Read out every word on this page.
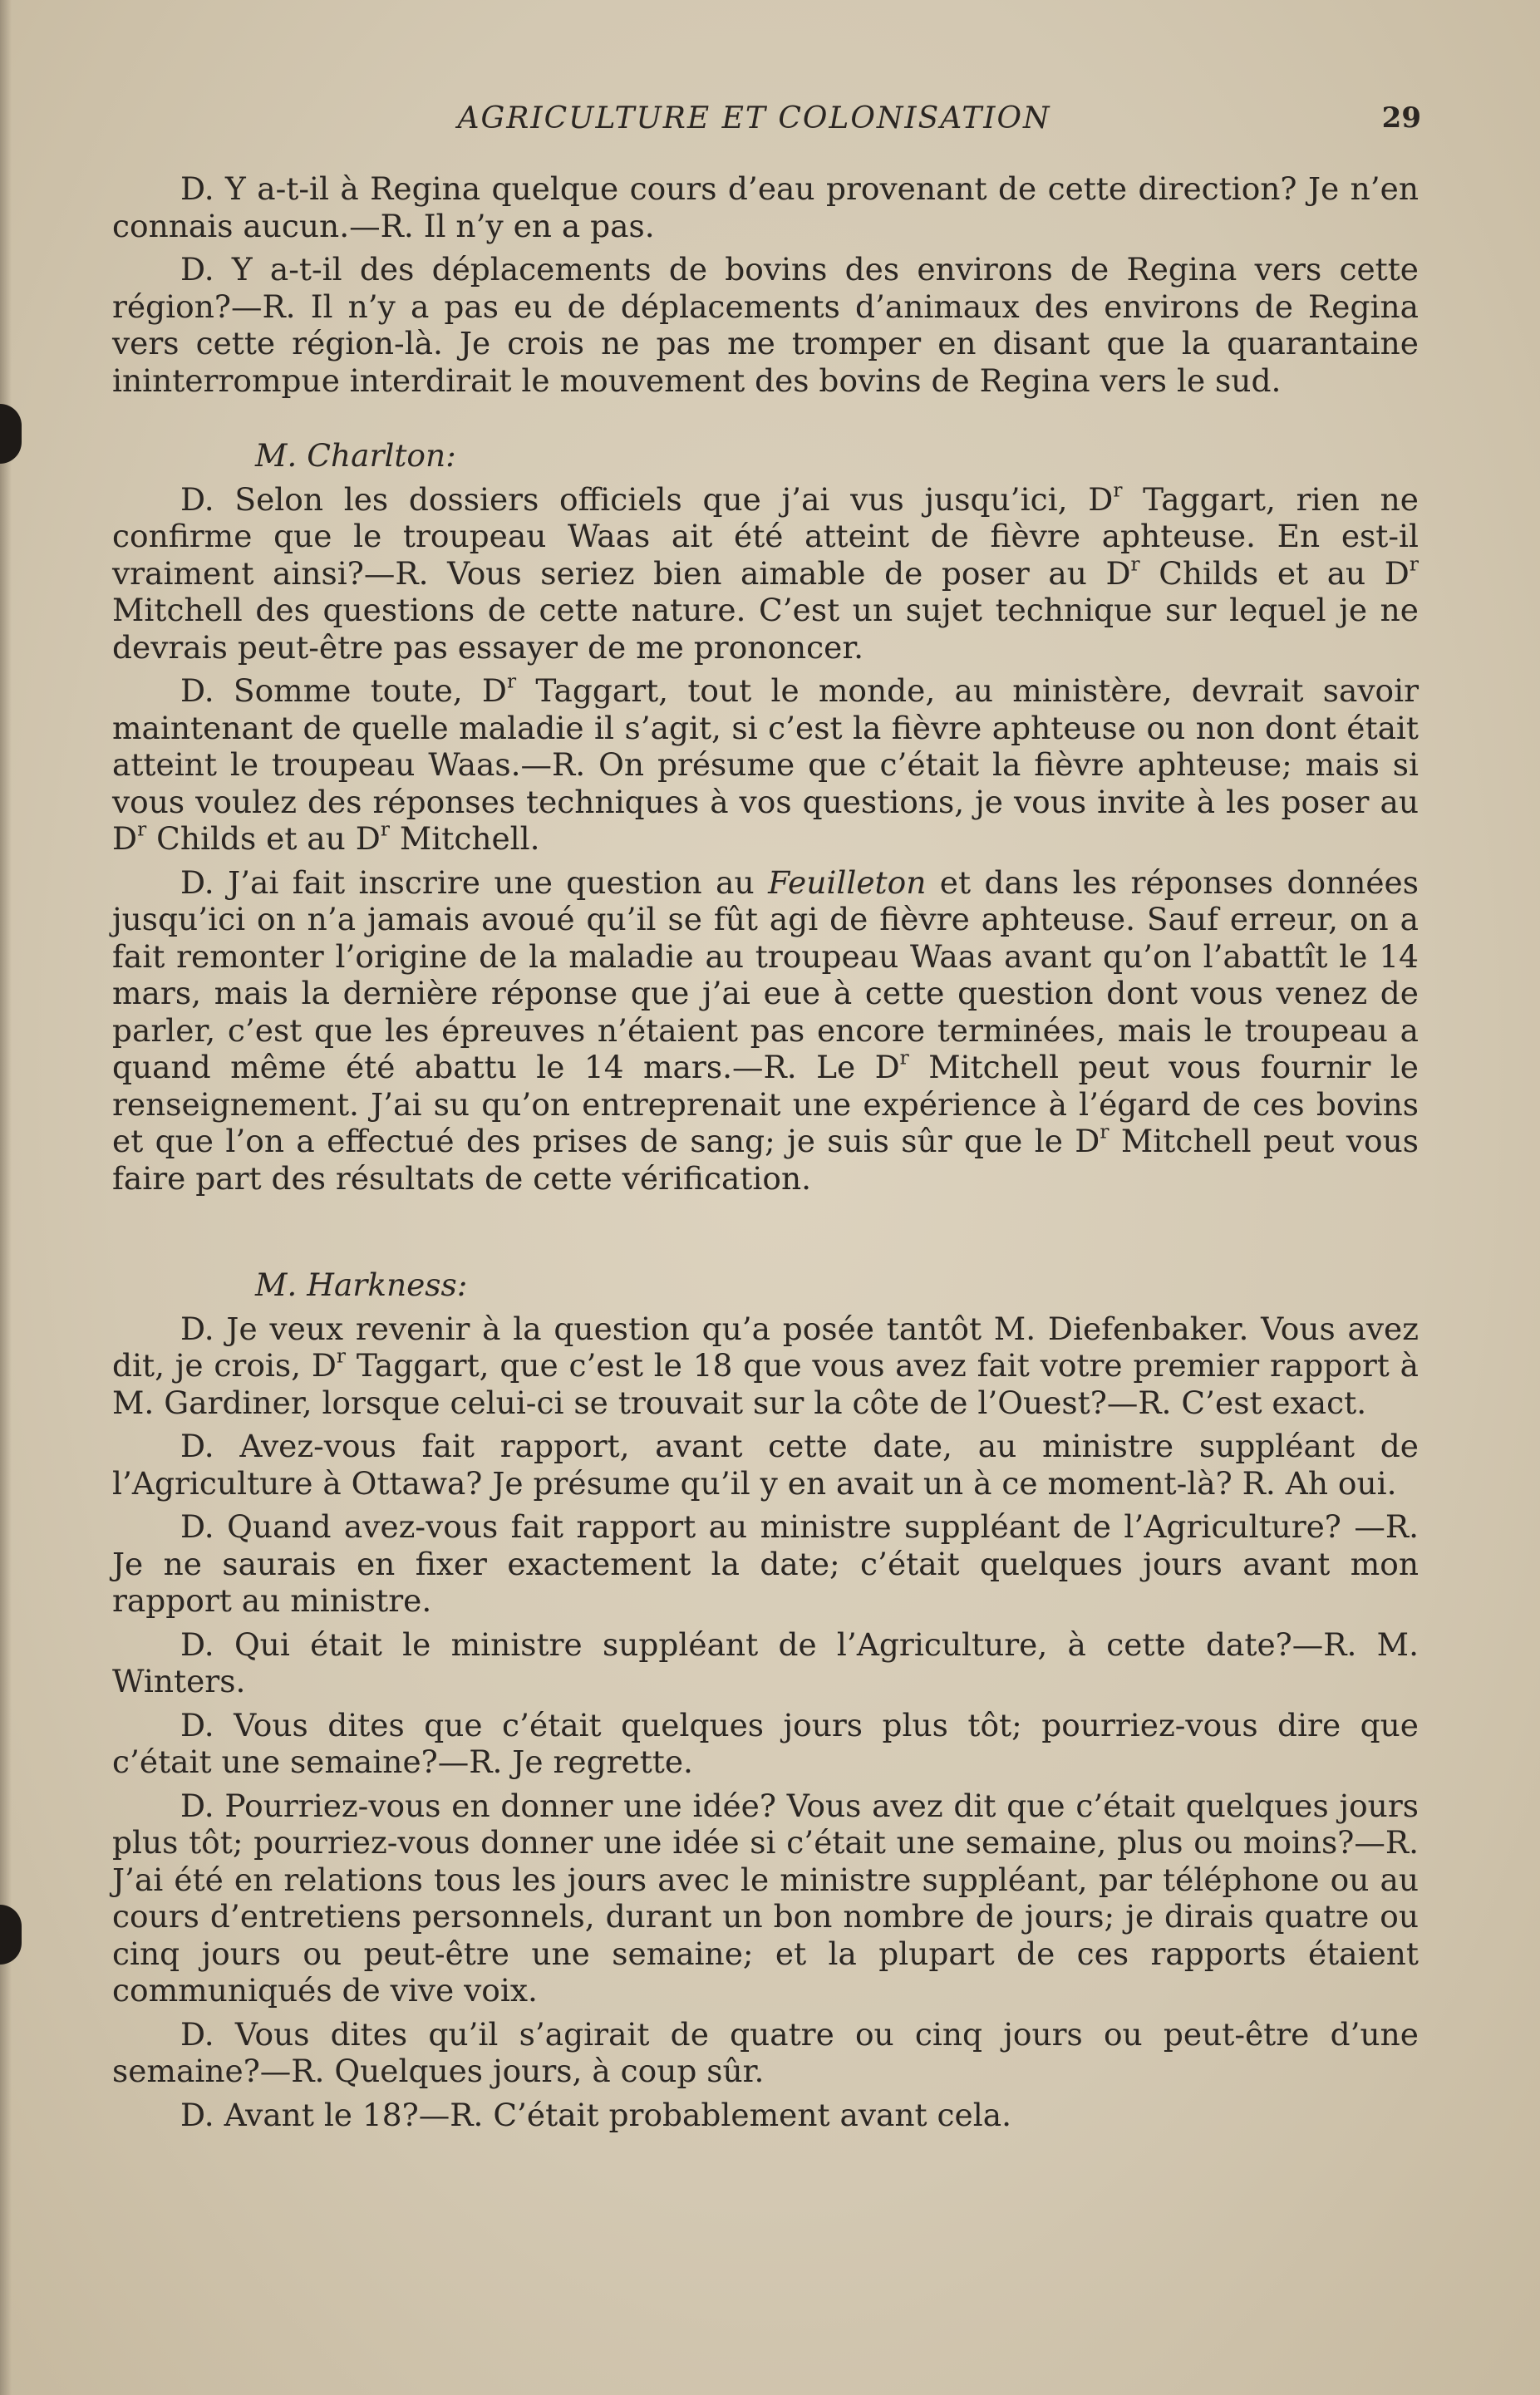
AGRICULTURE ET COLONISATION	29

D. Y a-t-il à Regina quelque cours d’eau provenant de cette direction? Je n’en connais aucun.—R. Il n’y en a pas.

D. Y a-t-il des déplacements de bovins des environs de Regina vers cette région?—R. Il n’y a pas eu de déplacements d’animaux des environs de Regina vers cette région-là. Je crois ne pas me tromper en disant que la quarantaine ininterrompue interdirait le mouvement des bovins de Regina vers le sud.

M. Charlton:

D. Selon les dossiers officiels que j’ai vus jusqu’ici, $D^r$ Taggart, rien ne confirme que le troupeau Waas ait été atteint de fièvre aphteuse. En est-il vraiment ainsi?—R. Vous seriez bien aimable de poser au $D^r$ Childs et au $D^r$ Mitchell des questions de cette nature. C’est un sujet technique sur lequel je ne devrais peut-être pas essayer de me prononcer.

D. Somme toute, $D^r$ Taggart, tout le monde, au ministère, devrait savoir maintenant de quelle maladie il s’agit, si c’est la fièvre aphteuse ou non dont était atteint le troupeau Waas.—R. On présume que c’était la fièvre aphteuse; mais si vous voulez des réponses techniques à vos questions, je vous invite à les poser au $D^r$ Childs et au $D^r$ Mitchell.

D. J’ai fait inscrire une question au Feuilleton et dans les réponses données jusqu’ici on n’a jamais avoué qu’il se fût agi de fièvre aphteuse. Sauf erreur, on a fait remonter l’origine de la maladie au troupeau Waas avant qu’on l’abattît le 14 mars, mais la dernière réponse que j’ai eue à cette question dont vous venez de parler, c’est que les épreuves n’étaient pas encore terminées, mais le troupeau a quand même été abattu le 14 mars.—R. Le $D^r$ Mitchell peut vous fournir le renseignement. J’ai su qu’on entreprenait une expérience à l’égard de ces bovins et que l’on a effectué des prises de sang; je suis sûr que le $D^r$ Mitchell peut vous faire part des résultats de cette vérification.

M. Harkness:

D. Je veux revenir à la question qu’a posée tantôt M. Diefenbaker. Vous avez dit, je crois, $D^r$ Taggart, que c’est le 18 que vous avez fait votre premier rapport à M. Gardiner, lorsque celui-ci se trouvait sur la côte de l’Ouest?—R. C’est exact.

D. Avez-vous fait rapport, avant cette date, au ministre suppléant de l’Agriculture à Ottawa? Je présume qu’il y en avait un à ce moment-là? R. Ah oui.

D. Quand avez-vous fait rapport au ministre suppléant de l’Agriculture? —R. Je ne saurais en fixer exactement la date; c’était quelques jours avant mon rapport au ministre.

D. Qui était le ministre suppléant de l’Agriculture, à cette date?—R. M. Winters.

D. Vous dites que c’était quelques jours plus tôt; pourriez-vous dire que c’était une semaine?—R. Je regrette.

D. Pourriez-vous en donner une idée? Vous avez dit que c’était quelques jours plus tôt; pourriez-vous donner une idée si c’était une semaine, plus ou moins?—R. J’ai été en relations tous les jours avec le ministre suppléant, par téléphone ou au cours d’entretiens personnels, durant un bon nombre de jours; je dirais quatre ou cinq jours ou peut-être une semaine; et la plupart de ces rapports étaient communiqués de vive voix.

D. Vous dites qu’il s’agirait de quatre ou cinq jours ou peut-être d’une semaine?—R. Quelques jours, à coup sûr.

D. Avant le 18?—R. C’était probablement avant cela.
